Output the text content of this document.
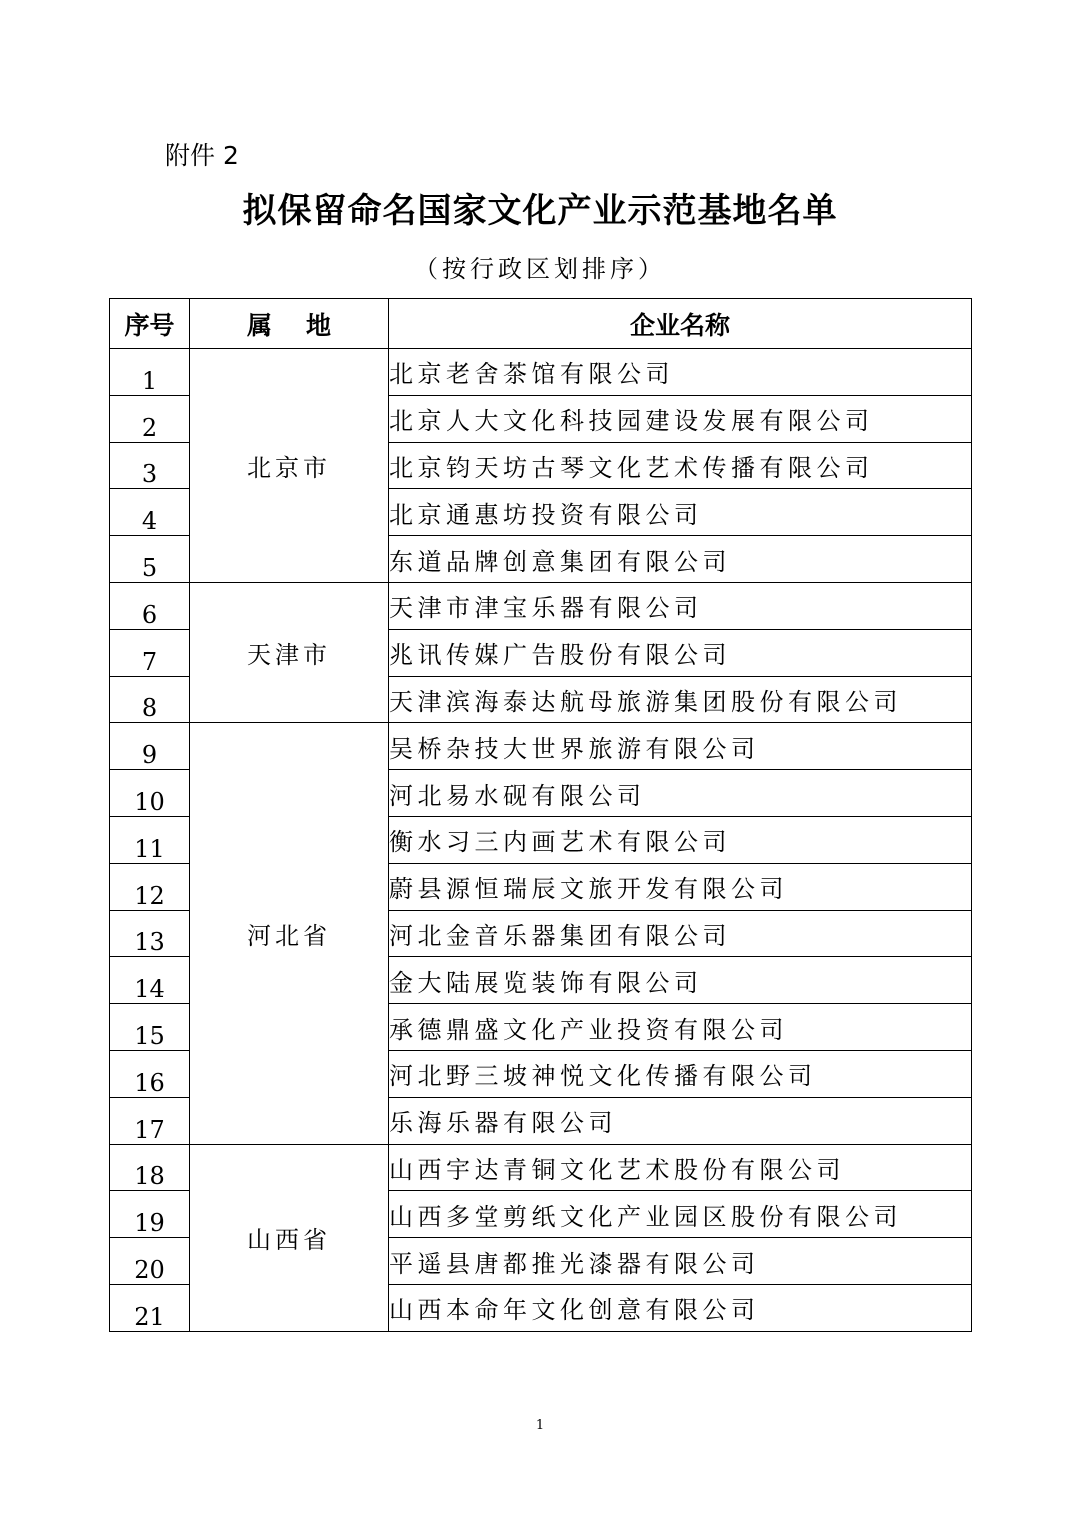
附件 2
拟保留命名国家文化产业示范基地名单
（按行政区划排序）
序号	属 地	企业名称
1	北京市	北京老舍茶馆有限公司
2		北京人大文化科技园建设发展有限公司
3		北京钧天坊古琴文化艺术传播有限公司
4		北京通惠坊投资有限公司
5		东道品牌创意集团有限公司
6	天津市	天津市津宝乐器有限公司
7		兆讯传媒广告股份有限公司
8		天津滨海泰达航母旅游集团股份有限公司
9	河北省	吴桥杂技大世界旅游有限公司
10		河北易水砚有限公司
11		衡水习三内画艺术有限公司
12		蔚县源恒瑞辰文旅开发有限公司
13		河北金音乐器集团有限公司
14		金大陆展览装饰有限公司
15		承德鼎盛文化产业投资有限公司
16		河北野三坡神悦文化传播有限公司
17		乐海乐器有限公司
18	山西省	山西宇达青铜文化艺术股份有限公司
19		山西多堂剪纸文化产业园区股份有限公司
20		平遥县唐都推光漆器有限公司
21		山西本命年文化创意有限公司
1
